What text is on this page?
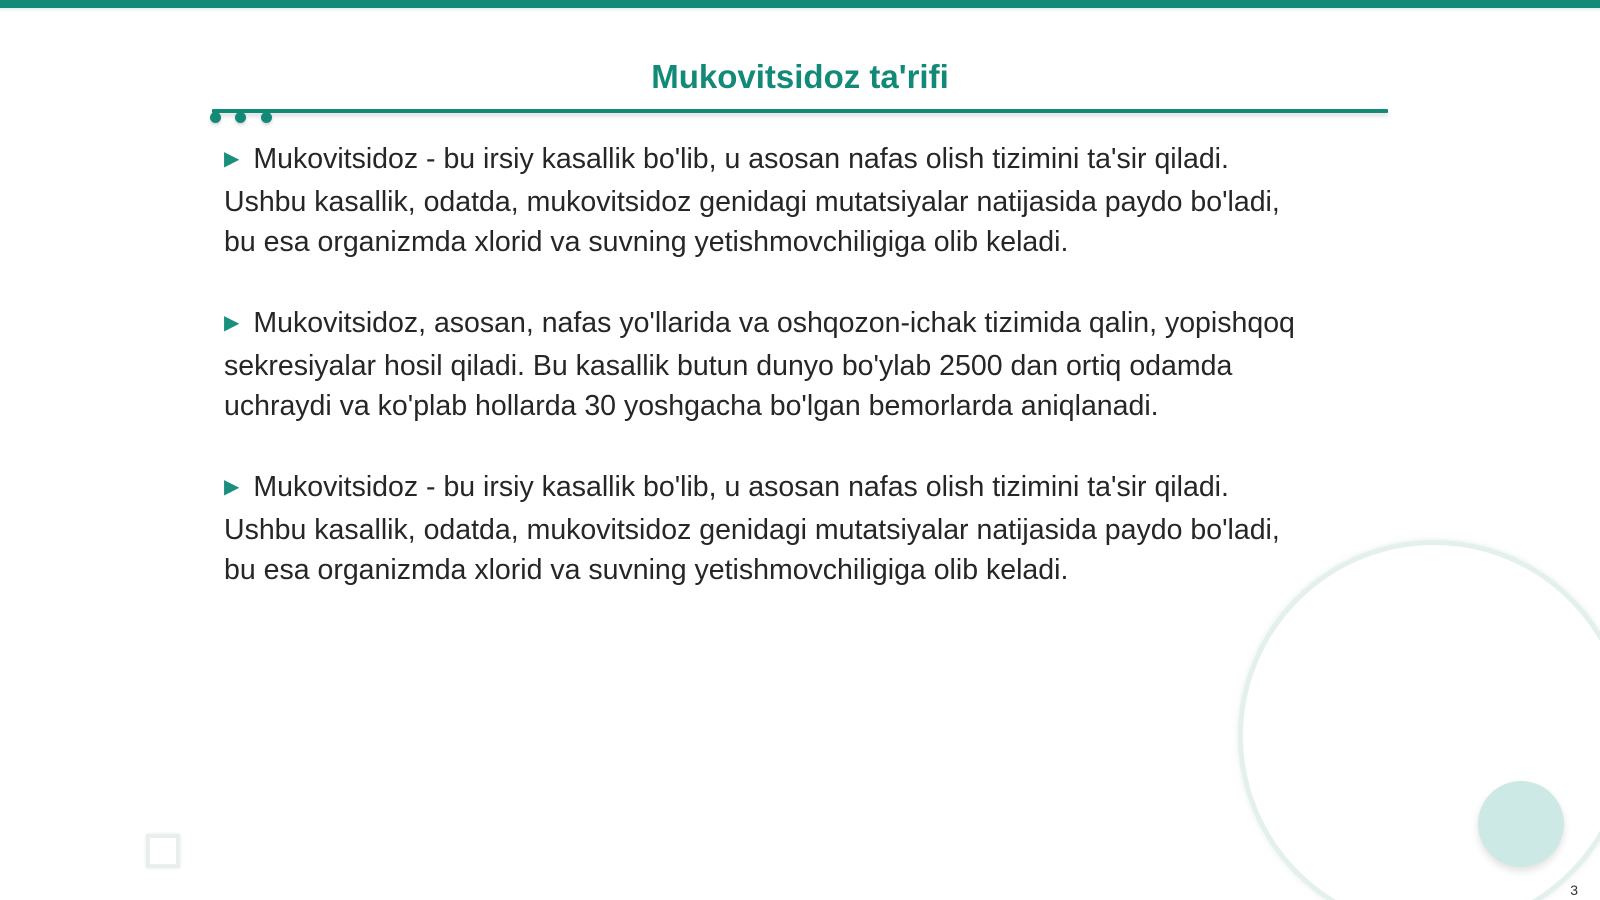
Mukovitsidoz ta'rifi

▶ Mukovitsidoz - bu irsiy kasallik bo'lib, u asosan nafas olish tizimini ta'sir qiladi.
Ushbu kasallik, odatda, mukovitsidoz genidagi mutatsiyalar natijasida paydo bo'ladi,
bu esa organizmda xlorid va suvning yetishmovchiligiga olib keladi.

▶ Mukovitsidoz, asosan, nafas yo'llarida va oshqozon-ichak tizimida qalin, yopishqoq
sekresiyalar hosil qiladi. Bu kasallik butun dunyo bo'ylab 2500 dan ortiq odamda
uchraydi va ko'plab hollarda 30 yoshgacha bo'lgan bemorlarda aniqlanadi.

▶ Mukovitsidoz - bu irsiy kasallik bo'lib, u asosan nafas olish tizimini ta'sir qiladi.
Ushbu kasallik, odatda, mukovitsidoz genidagi mutatsiyalar natijasida paydo bo'ladi,
bu esa organizmda xlorid va suvning yetishmovchiligiga olib keladi.

3
